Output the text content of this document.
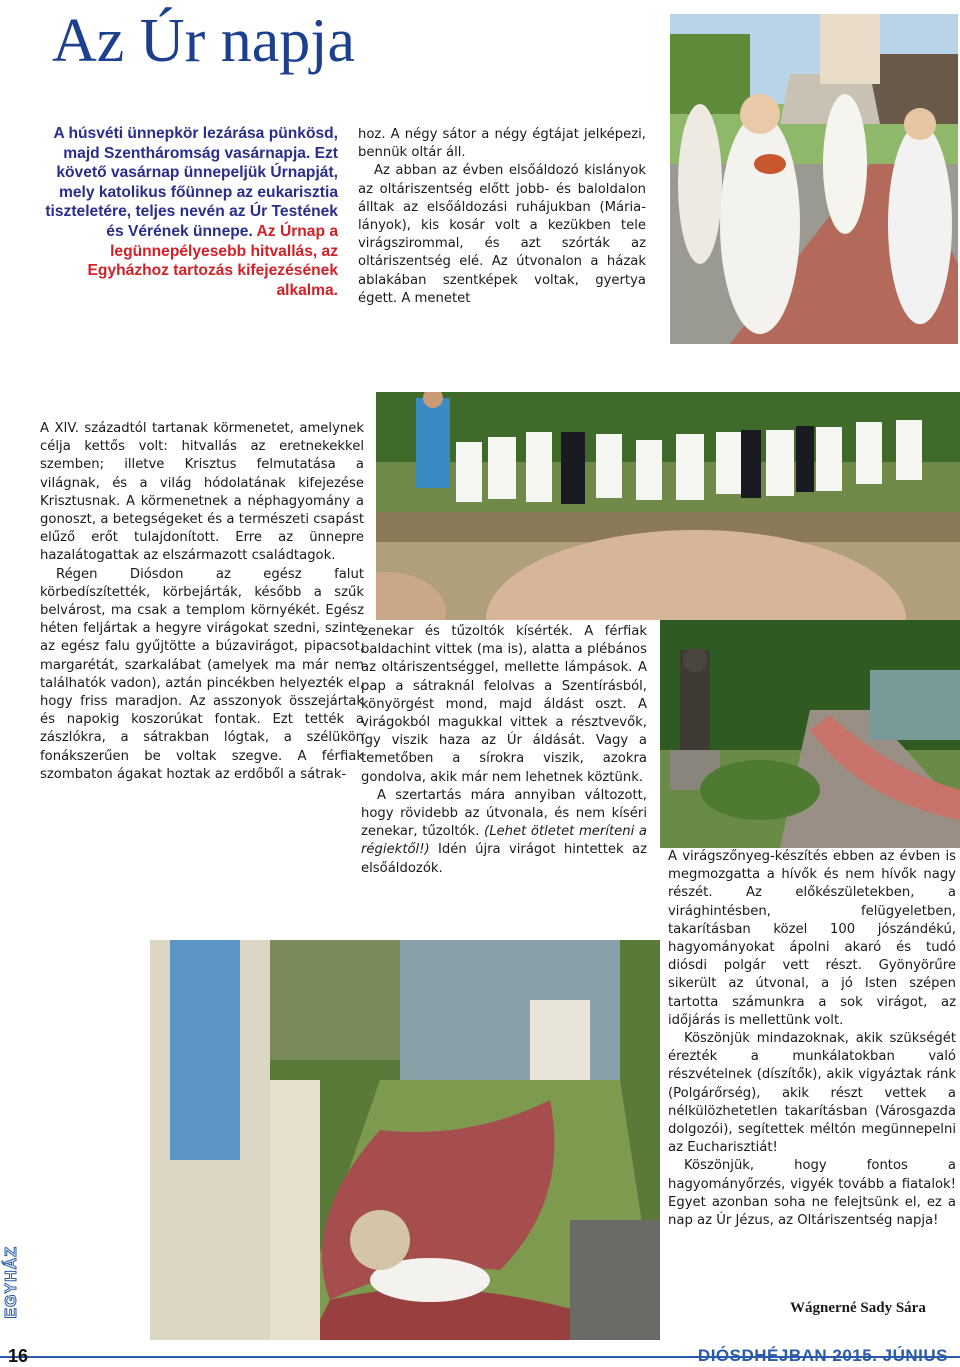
Az Úr napja
A húsvéti ünnepkör lezárása pünkösd, majd Szentháromság vasárnapja. Ezt követő vasárnap ünnepeljük Úrnapját, mely katolikus főünnep az eukarisztia tiszteletére, teljes nevén az Úr Testének és Vérének ünnepe. Az Úrnap a legünnepélyesebb hitvallás, az Egyházhoz tartozás kifejezésének alkalma.

hoz. A négy sátor a négy égtájat jelképezi, bennük oltár áll.

Az abban az évben elsőáldozó kislányok az oltáriszentség előtt jobb- és baloldalon álltak az elsőáldozási ruhájukban (Mária-lányok), kis kosár volt a kezükben tele virágszirommal, és azt szórták az oltáriszentség elé. Az útvonalon a házak ablakában szentképek voltak, gyertya égett. A menetet

A XIV. századtól tartanak körmenetet, amelynek célja kettős volt: hitvallás az eretnekekkel szemben; illetve Krisztus felmutatása a világnak, és a világ hódolatának kifejezése Krisztusnak. A körmenetnek a néphagyomány a gonoszt, a betegségeket és a természeti csapást elűző erőt tulajdonított. Erre az ünnepre hazalátogattak az elszármazott családtagok.

Régen Diósdon az egész falut körbedíszítették, körbejárták, később a szűk belvárost, ma csak a templom környékét. Egész héten feljártak a hegyre virágokat szedni, szinte az egész falu gyűjtötte a búzavirágot, pipacsot, margarétát, szarkalábat (amelyek ma már nem találhatók vadon), aztán pincékben helyezték el, hogy friss maradjon. Az asszonyok összejártak és napokig koszorúkat fontak. Ezt tették a zászlókra, a sátrakban lógtak, a szélükön fonákszerűen be voltak szegve. A férfiak szombaton ágakat hoztak az erdőből a sátrak-

zenekar és tűzoltók kísérték. A férfiak baldachint vittek (ma is), alatta a plébános az oltáriszentséggel, mellette lámpások. A pap a sátraknál felolvas a Szentírásból, könyörgést mond, majd áldást oszt. A virágokból magukkal vittek a résztvevők, így viszik haza az Úr áldását. Vagy a temetőben a sírokra viszik, azokra gondolva, akik már nem lehetnek köztünk.

A szertartás mára annyiban változott, hogy rövidebb az útvonala, és nem kíséri zenekar, tűzoltók. (Lehet ötletet meríteni a régiektől!) Idén újra virágot hintettek az elsőáldozók.

A virágszőnyeg-készítés ebben az évben is megmozgatta a hívők és nem hívők nagy részét. Az előkészületekben, a virághintésben, felügyeletben, takarításban közel 100 jószándékú, hagyományokat ápolni akaró és tudó diósdi polgár vett részt. Gyönyörűre sikerült az útvonal, a jó Isten szépen tartotta számunkra a sok virágot, az időjárás is mellettünk volt.

Köszönjük mindazoknak, akik szükségét érezték a munkálatokban való részvételnek (díszítők), akik vigyáztak ránk (Polgárőrség), akik részt vettek a nélkülözhetetlen takarításban (Városgazda dolgozói), segítettek méltón megünnepelni az Eucharisztiát!

Köszönjük, hogy fontos a hagyományőrzés, vigyék tovább a fiatalok! Egyet azonban soha ne felejtsünk el, ez a nap az Úr Jézus, az Oltáriszentség napja!

Wágnerné Sady Sára
EGYHÁZ
16	DIÓSDHÉJBAN 2015. JÚNIUS
